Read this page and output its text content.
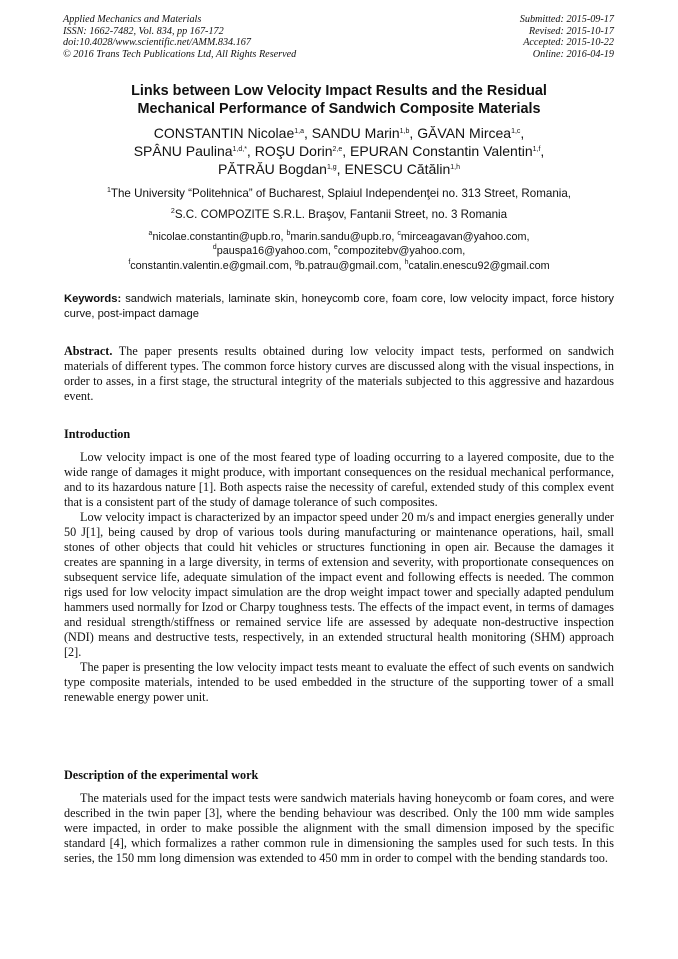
Applied Mechanics and Materials
ISSN: 1662-7482, Vol. 834, pp 167-172
doi:10.4028/www.scientific.net/AMM.834.167
© 2016 Trans Tech Publications Ltd, All Rights Reserved
Submitted: 2015-09-17
Revised: 2015-10-17
Accepted: 2015-10-22
Online: 2016-04-19
Links between Low Velocity Impact Results and the Residual
Mechanical Performance of Sandwich Composite Materials
CONSTANTIN Nicolae$^{1,a}$, SANDU Marin$^{1,b}$, GĂVAN Mircea$^{1,c}$,
SPÂNU Paulina$^{1,d,*}$, ROŞU Dorin$^{2,e}$, EPURAN Constantin Valentin$^{1,f}$,
PĂTRĂU Bogdan$^{1,g}$, ENESCU Cătălin$^{1,h}$
$^1$The University “Politehnica” of Bucharest, Splaiul Independenţei no. 313 Street, Romania,
$^2$S.C. COMPOZITE S.R.L. Braşov, Fantanii Street, no. 3 Romania
$^a$nicolae.constantin@upb.ro, $^b$marin.sandu@upb.ro, $^c$mirceagavan@yahoo.com,
$^d$pauspa16@yahoo.com, $^e$compozitebv@yahoo.com,
$^f$constantin.valentin.e@gmail.com, $^g$b.patrau@gmail.com, $^h$catalin.enescu92@gmail.com
Keywords: sandwich materials, laminate skin, honeycomb core, foam core, low velocity impact, force history curve, post-impact damage

Abstract. The paper presents results obtained during low velocity impact tests, performed on sandwich materials of different types. The common force history curves are discussed along with the visual inspections, in order to asses, in a first stage, the structural integrity of the materials subjected to this aggressive and hazardous event.

Introduction

Low velocity impact is one of the most feared type of loading occurring to a layered composite, due to the wide range of damages it might produce, with important consequences on the residual mechanical performance, and to its hazardous nature [1]. Both aspects raise the necessity of careful, extended study of this complex event that is a consistent part of the study of damage tolerance of such composites.

Low velocity impact is characterized by an impactor speed under 20 m/s and impact energies generally under 50 J[1], being caused by drop of various tools during manufacturing or maintenance operations, hail, small stones of other objects that could hit vehicles or structures functioning in open air. Because the damages it creates are spanning in a large diversity, in terms of extension and severity, with proportionate consequences on subsequent service life, adequate simulation of the impact event and following effects is needed. The common rigs used for low velocity impact simulation are the drop weight impact tower and specially adapted pendulum hammers used normally for Izod or Charpy toughness tests. The effects of the impact event, in terms of damages and residual strength/stiffness or remained service life are assessed by adequate non-destructive inspection (NDI) means and destructive tests, respectively, in an extended structural health monitoring (SHM) approach [2].

The paper is presenting the low velocity impact tests meant to evaluate the effect of such events on sandwich type composite materials, intended to be used embedded in the structure of the supporting tower of a small renewable energy power unit.

Description of the experimental work

The materials used for the impact tests were sandwich materials having honeycomb or foam cores, and were described in the twin paper [3], where the bending behaviour was described. Only the 100 mm wide samples were impacted, in order to make possible the alignment with the small dimension imposed by the specific standard [4], which formalizes a rather common rule in dimensioning the samples used for such tests. In this series, the 150 mm long dimension was extended to 450 mm in order to compel with the bending standards too.
